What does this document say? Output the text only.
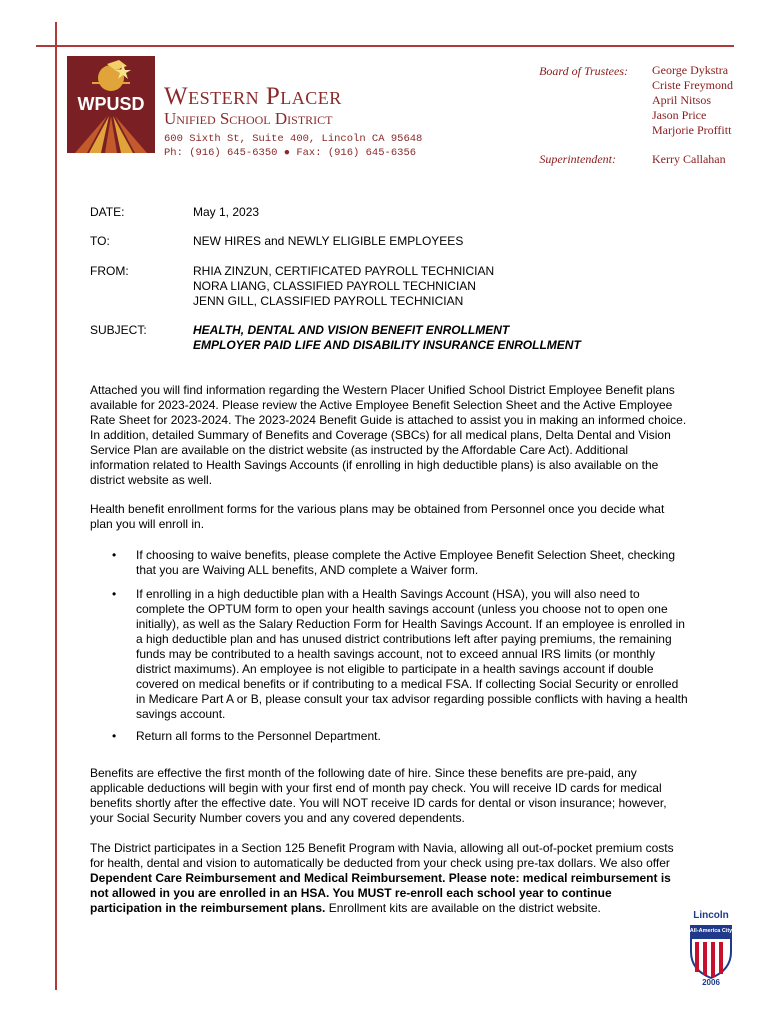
WPUSD Western Placer
Unified School District
600 Sixth St, Suite 400, Lincoln CA 95648
Ph: (916) 645-6350 ● Fax: (916) 645-6356
Board of Trustees: George Dykstra
Criste Freymond
April Nitsos
Jason Price
Marjorie Proffitt
Superintendent:	Kerry Callahan
DATE:	May 1, 2023
TO:	NEW HIRES and NEWLY ELIGIBLE EMPLOYEES
FROM:	RHIA ZINZUN, CERTIFICATED PAYROLL TECHNICIAN
NORA LIANG, CLASSIFIED PAYROLL TECHNICIAN
JENN GILL, CLASSIFIED PAYROLL TECHNICIAN
SUBJECT:	HEALTH, DENTAL AND VISION BENEFIT ENROLLMENT
EMPLOYER PAID LIFE AND DISABILITY INSURANCE ENROLLMENT
Attached you will find information regarding the Western Placer Unified School District Employee Benefit plans available for 2023-2024. Please review the Active Employee Benefit Selection Sheet and the Active Employee Rate Sheet for 2023-2024. The 2023-2024 Benefit Guide is attached to assist you in making an informed choice. In addition, detailed Summary of Benefits and Coverage (SBCs) for all medical plans, Delta Dental and Vision Service Plan are available on the district website (as instructed by the Affordable Care Act). Additional information related to Health Savings Accounts (if enrolling in high deductible plans) is also available on the district website as well.
Health benefit enrollment forms for the various plans may be obtained from Personnel once you decide what plan you will enroll in.
• If choosing to waive benefits, please complete the Active Employee Benefit Selection Sheet, checking that you are Waiving ALL benefits, AND complete a Waiver form.
• If enrolling in a high deductible plan with a Health Savings Account (HSA), you will also need to complete the OPTUM form to open your health savings account (unless you choose not to open one initially), as well as the Salary Reduction Form for Health Savings Account. If an employee is enrolled in a high deductible plan and has unused district contributions left after paying premiums, the remaining funds may be contributed to a health savings account, not to exceed annual IRS limits (or monthly district maximums). An employee is not eligible to participate in a health savings account if double covered on medical benefits or if contributing to a medical FSA. If collecting Social Security or enrolled in Medicare Part A or B, please consult your tax advisor regarding possible conflicts with having a health savings account.
• Return all forms to the Personnel Department.
Benefits are effective the first month of the following date of hire. Since these benefits are pre-paid, any applicable deductions will begin with your first end of month pay check. You will receive ID cards for medical benefits shortly after the effective date. You will NOT receive ID cards for dental or vison insurance; however, your Social Security Number covers you and any covered dependents.
The District participates in a Section 125 Benefit Program with Navia, allowing all out-of-pocket premium costs for health, dental and vision to automatically be deducted from your check using pre-tax dollars. We also offer Dependent Care Reimbursement and Medical Reimbursement. Please note: medical reimbursement is not allowed in you are enrolled in an HSA. You MUST re-enroll each school year to continue participation in the reimbursement plans. Enrollment kits are available on the district website.
Lincoln
All-America City
2006
